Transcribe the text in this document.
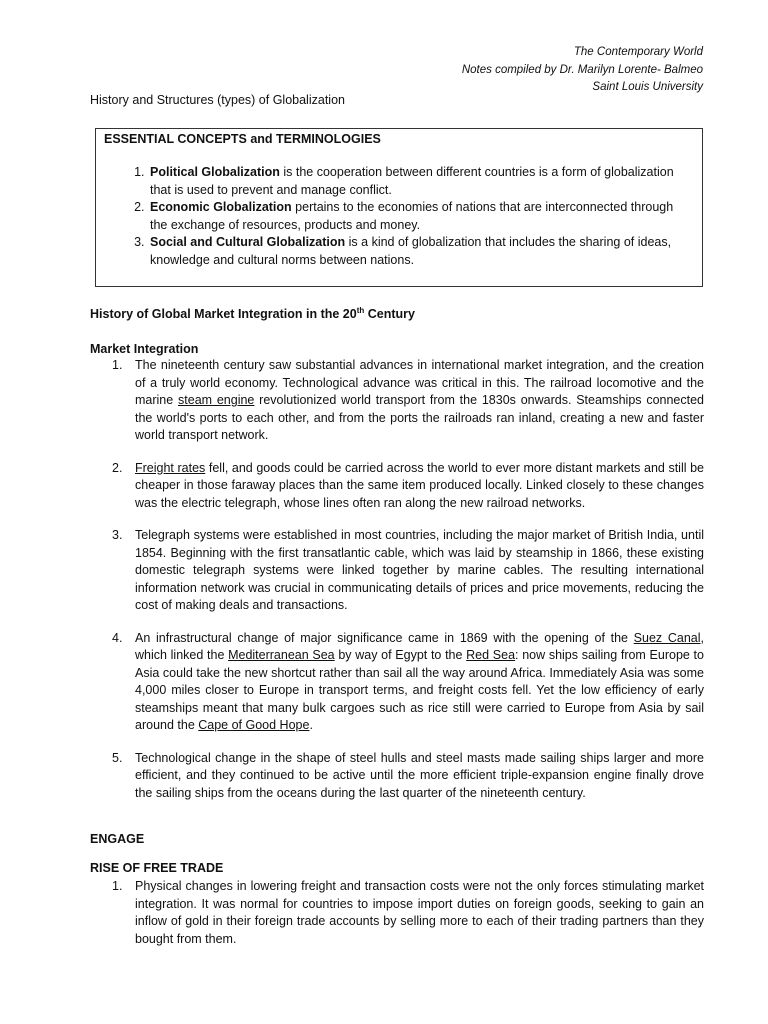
The Contemporary World
Notes compiled by Dr. Marilyn Lorente- Balmeo
Saint Louis University
History and Structures (types) of Globalization
ESSENTIAL CONCEPTS and TERMINOLOGIES
1. Political Globalization is the cooperation between different countries is a form of globalization that is used to prevent and manage conflict.
2. Economic Globalization pertains to the economies of nations that are interconnected through the exchange of resources, products and money.
3. Social and Cultural Globalization is a kind of globalization that includes the sharing of ideas, knowledge and cultural norms between nations.
History of Global Market Integration in the 20th Century
Market Integration
1. The nineteenth century saw substantial advances in international market integration, and the creation of a truly world economy. Technological advance was critical in this. The railroad locomotive and the marine steam engine revolutionized world transport from the 1830s onwards. Steamships connected the world's ports to each other, and from the ports the railroads ran inland, creating a new and faster world transport network.
2. Freight rates fell, and goods could be carried across the world to ever more distant markets and still be cheaper in those faraway places than the same item produced locally. Linked closely to these changes was the electric telegraph, whose lines often ran along the new railroad networks.
3. Telegraph systems were established in most countries, including the major market of British India, until 1854. Beginning with the first transatlantic cable, which was laid by steamship in 1866, these existing domestic telegraph systems were linked together by marine cables. The resulting international information network was crucial in communicating details of prices and price movements, reducing the cost of making deals and transactions.
4. An infrastructural change of major significance came in 1869 with the opening of the Suez Canal, which linked the Mediterranean Sea by way of Egypt to the Red Sea: now ships sailing from Europe to Asia could take the new shortcut rather than sail all the way around Africa. Immediately Asia was some 4,000 miles closer to Europe in transport terms, and freight costs fell. Yet the low efficiency of early steamships meant that many bulk cargoes such as rice still were carried to Europe from Asia by sail around the Cape of Good Hope.
5. Technological change in the shape of steel hulls and steel masts made sailing ships larger and more efficient, and they continued to be active until the more efficient triple-expansion engine finally drove the sailing ships from the oceans during the last quarter of the nineteenth century.
ENGAGE
RISE OF FREE TRADE
1. Physical changes in lowering freight and transaction costs were not the only forces stimulating market integration. It was normal for countries to impose import duties on foreign goods, seeking to gain an inflow of gold in their foreign trade accounts by selling more to each of their trading partners than they bought from them.
